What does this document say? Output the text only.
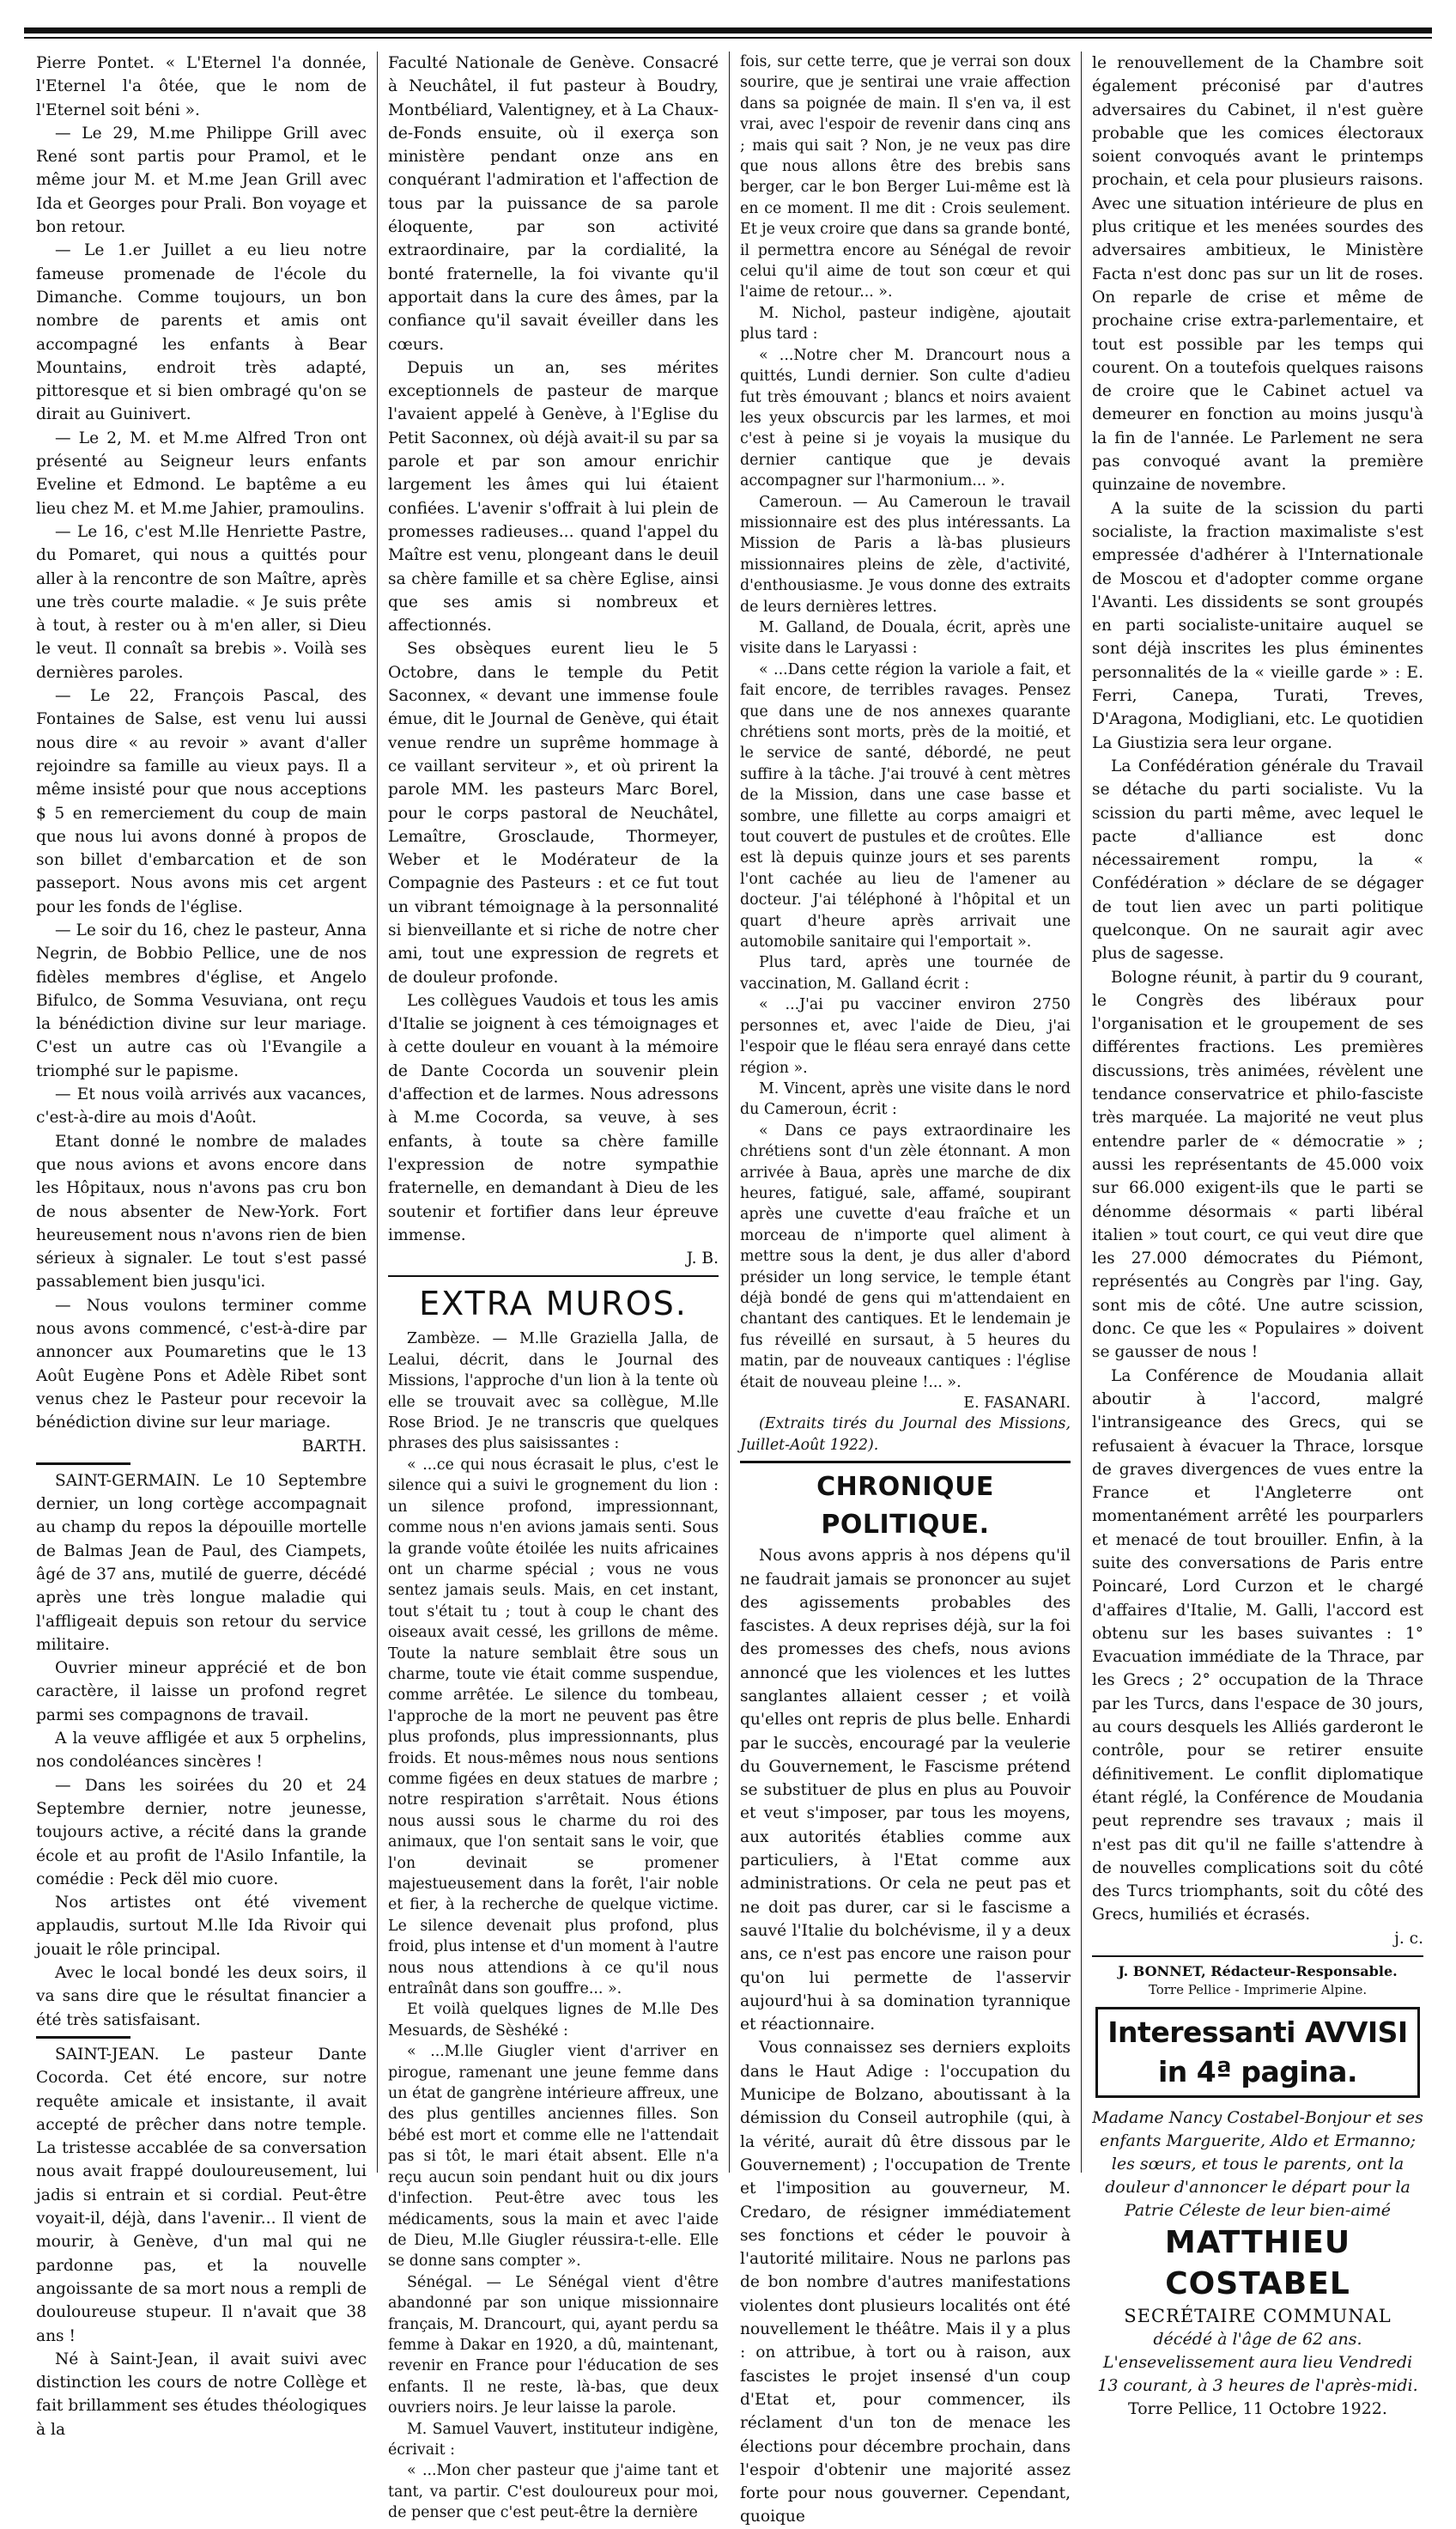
Pierre Pontet. « L'Eternel l'a donnée, l'Eternel l'a ôtée, que le nom de l'Eternel soit béni ».

— Le 29, M.me Philippe Grill avec René sont partis pour Pramol, et le même jour M. et M.me Jean Grill avec Ida et Georges pour Prali. Bon voyage et bon retour.

— Le 1.er Juillet a eu lieu notre fameuse promenade de l'école du Dimanche. Comme toujours, un bon nombre de parents et amis ont accompagné les enfants à Bear Mountains, endroit très adapté, pittoresque et si bien ombragé qu'on se dirait au Guinivert.

— Le 2, M. et M.me Alfred Tron ont présenté au Seigneur leurs enfants Eveline et Edmond. Le baptême a eu lieu chez M. et M.me Jahier, pramoulins.

— Le 16, c'est M.lle Henriette Pastre, du Pomaret, qui nous a quittés pour aller à la rencontre de son Maître, après une très courte maladie. « Je suis prête à tout, à rester ou à m'en aller, si Dieu le veut. Il connaît sa brebis ». Voilà ses dernières paroles.

— Le 22, François Pascal, des Fontaines de Salse, est venu lui aussi nous dire « au revoir » avant d'aller rejoindre sa famille au vieux pays. Il a même insisté pour que nous acceptions $ 5 en remerciement du coup de main que nous lui avons donné à propos de son billet d'embarcation et de son passeport. Nous avons mis cet argent pour les fonds de l'église.

— Le soir du 16, chez le pasteur, Anna Negrin, de Bobbio Pellice, une de nos fidèles membres d'église, et Angelo Bifulco, de Somma Vesuviana, ont reçu la bénédiction divine sur leur mariage. C'est un autre cas où l'Evangile a triomphé sur le papisme.

— Et nous voilà arrivés aux vacances, c'est-à-dire au mois d'Août.

Etant donné le nombre de malades que nous avions et avons encore dans les Hôpitaux, nous n'avons pas cru bon de nous absenter de New-York. Fort heureusement nous n'avons rien de bien sérieux à signaler. Le tout s'est passé passablement bien jusqu'ici.

— Nous voulons terminer comme nous avons commencé, c'est-à-dire par annoncer aux Poumaretins que le 13 Août Eugène Pons et Adèle Ribet sont venus chez le Pasteur pour recevoir la bénédiction divine sur leur mariage.

BARTH.

SAINT-GERMAIN. Le 10 Septembre dernier, un long cortège accompagnait au champ du repos la dépouille mortelle de Balmas Jean de Paul, des Ciampets, âgé de 37 ans, mutilé de guerre, décédé après une très longue maladie qui l'affligeait depuis son retour du service militaire.

Ouvrier mineur apprécié et de bon caractère, il laisse un profond regret parmi ses compagnons de travail.

A la veuve affligée et aux 5 orphelins, nos condoléances sincères !

— Dans les soirées du 20 et 24 Septembre dernier, notre jeunesse, toujours active, a récité dans la grande école et au profit de l'Asilo Infantile, la comédie : Peck dël mio cuore.

Nos artistes ont été vivement applaudis, surtout M.lle Ida Rivoir qui jouait le rôle principal.

Avec le local bondé les deux soirs, il va sans dire que le résultat financier a été très satisfaisant.

SAINT-JEAN. Le pasteur Dante Cocorda. Cet été encore, sur notre requête amicale et insistante, il avait accepté de prêcher dans notre temple. La tristesse accablée de sa conversation nous avait frappé douloureusement, lui jadis si entrain et si cordial. Peut-être voyait-il, déjà, dans l'avenir... Il vient de mourir, à Genève, d'un mal qui ne pardonne pas, et la nouvelle angoissante de sa mort nous a rempli de douloureuse stupeur. Il n'avait que 38 ans !

Né à Saint-Jean, il avait suivi avec distinction les cours de notre Collège et fait brillamment ses études théologiques à la

Faculté Nationale de Genève. Consacré à Neuchâtel, il fut pasteur à Boudry, Montbéliard, Valentigney, et à La Chaux-de-Fonds ensuite, où il exerça son ministère pendant onze ans en conquérant l'admiration et l'affection de tous par la puissance de sa parole éloquente, par son activité extraordinaire, par la cordialité, la bonté fraternelle, la foi vivante qu'il apportait dans la cure des âmes, par la confiance qu'il savait éveiller dans les cœurs.

Depuis un an, ses mérites exceptionnels de pasteur de marque l'avaient appelé à Genève, à l'Eglise du Petit Saconnex, où déjà avait-il su par sa parole et par son amour enrichir largement les âmes qui lui étaient confiées. L'avenir s'offrait à lui plein de promesses radieuses... quand l'appel du Maître est venu, plongeant dans le deuil sa chère famille et sa chère Eglise, ainsi que ses amis si nombreux et affectionnés.

Ses obsèques eurent lieu le 5 Octobre, dans le temple du Petit Saconnex, « devant une immense foule émue, dit le Journal de Genève, qui était venue rendre un suprême hommage à ce vaillant serviteur », et où prirent la parole MM. les pasteurs Marc Borel, pour le corps pastoral de Neuchâtel, Lemaître, Grosclaude, Thormeyer, Weber et le Modérateur de la Compagnie des Pasteurs : et ce fut tout un vibrant témoignage à la personnalité si bienveillante et si riche de notre cher ami, tout une expression de regrets et de douleur profonde.

Les collègues Vaudois et tous les amis d'Italie se joignent à ces témoignages et à cette douleur en vouant à la mémoire de Dante Cocorda un souvenir plein d'affection et de larmes. Nous adressons à M.me Cocorda, sa veuve, à ses enfants, à toute sa chère famille l'expression de notre sympathie fraternelle, en demandant à Dieu de les soutenir et fortifier dans leur épreuve immense.

J. B.

EXTRA MUROS.

Zambèze. — M.lle Graziella Jalla, de Lealui, décrit, dans le Journal des Missions, l'approche d'un lion à la tente où elle se trouvait avec sa collègue, M.lle Rose Briod. Je ne transcris que quelques phrases des plus saisissantes :

« ...ce qui nous écrasait le plus, c'est le silence qui a suivi le grognement du lion : un silence profond, impressionnant, comme nous n'en avions jamais senti. Sous la grande voûte étoilée les nuits africaines ont un charme spécial ; vous ne vous sentez jamais seuls. Mais, en cet instant, tout s'était tu ; tout à coup le chant des oiseaux avait cessé, les grillons de même. Toute la nature semblait être sous un charme, toute vie était comme suspendue, comme arrêtée. Le silence du tombeau, l'approche de la mort ne peuvent pas être plus profonds, plus impressionnants, plus froids. Et nous-mêmes nous nous sentions comme figées en deux statues de marbre ; notre respiration s'arrêtait. Nous étions nous aussi sous le charme du roi des animaux, que l'on sentait sans le voir, que l'on devinait se promener majestueusement dans la forêt, l'air noble et fier, à la recherche de quelque victime. Le silence devenait plus profond, plus froid, plus intense et d'un moment à l'autre nous nous attendions à ce qu'il nous entraînât dans son gouffre... ».

Et voilà quelques lignes de M.lle Des Mesuards, de Sèshéké :

« ...M.lle Giugler vient d'arriver en pirogue, ramenant une jeune femme dans un état de gangrène intérieure affreux, une des plus gentilles anciennes filles. Son bébé est mort et comme elle ne l'attendait pas si tôt, le mari était absent. Elle n'a reçu aucun soin pendant huit ou dix jours d'infection. Peut-être avec tous les médicaments, sous la main et avec l'aide de Dieu, M.lle Giugler réussira-t-elle. Elle se donne sans compter ».

Sénégal. — Le Sénégal vient d'être abandonné par son unique missionnaire français, M. Drancourt, qui, ayant perdu sa femme à Dakar en 1920, a dû, maintenant, revenir en France pour l'éducation de ses enfants. Il ne reste, là-bas, que deux ouvriers noirs. Je leur laisse la parole.

M. Samuel Vauvert, instituteur indigène, écrivait :

« ...Mon cher pasteur que j'aime tant et tant, va partir. C'est douloureux pour moi, de penser que c'est peut-être la dernière

fois, sur cette terre, que je verrai son doux sourire, que je sentirai une vraie affection dans sa poignée de main. Il s'en va, il est vrai, avec l'espoir de revenir dans cinq ans ; mais qui sait ? Non, je ne veux pas dire que nous allons être des brebis sans berger, car le bon Berger Lui-même est là en ce moment. Il me dit : Crois seulement. Et je veux croire que dans sa grande bonté, il permettra encore au Sénégal de revoir celui qu'il aime de tout son cœur et qui l'aime de retour... ».

M. Nichol, pasteur indigène, ajoutait plus tard :

« ...Notre cher M. Drancourt nous a quittés, Lundi dernier. Son culte d'adieu fut très émouvant ; blancs et noirs avaient les yeux obscurcis par les larmes, et moi c'est à peine si je voyais la musique du dernier cantique que je devais accompagner sur l'harmonium... ».

Cameroun. — Au Cameroun le travail missionnaire est des plus intéressants. La Mission de Paris a là-bas plusieurs missionnaires pleins de zèle, d'activité, d'enthousiasme. Je vous donne des extraits de leurs dernières lettres.

M. Galland, de Douala, écrit, après une visite dans le Laryassi :

« ...Dans cette région la variole a fait, et fait encore, de terribles ravages. Pensez que dans une de nos annexes quarante chrétiens sont morts, près de la moitié, et le service de santé, débordé, ne peut suffire à la tâche. J'ai trouvé à cent mètres de la Mission, dans une case basse et sombre, une fillette au corps amaigri et tout couvert de pustules et de croûtes. Elle est là depuis quinze jours et ses parents l'ont cachée au lieu de l'amener au docteur. J'ai téléphoné à l'hôpital et un quart d'heure après arrivait une automobile sanitaire qui l'emportait ».

Plus tard, après une tournée de vaccination, M. Galland écrit :

« ...J'ai pu vacciner environ 2750 personnes et, avec l'aide de Dieu, j'ai l'espoir que le fléau sera enrayé dans cette région ».

M. Vincent, après une visite dans le nord du Cameroun, écrit :

« Dans ce pays extraordinaire les chrétiens sont d'un zèle étonnant. A mon arrivée à Baua, après une marche de dix heures, fatigué, sale, affamé, soupirant après une cuvette d'eau fraîche et un morceau de n'importe quel aliment à mettre sous la dent, je dus aller d'abord présider un long service, le temple étant déjà bondé de gens qui m'attendaient en chantant des cantiques. Et le lendemain je fus réveillé en sursaut, à 5 heures du matin, par de nouveaux cantiques : l'église était de nouveau pleine !... ».

E. FASANARI.

(Extraits tirés du Journal des Missions, Juillet-Août 1922).

CHRONIQUE POLITIQUE.

Nous avons appris à nos dépens qu'il ne faudrait jamais se prononcer au sujet des agissements probables des fascistes. A deux reprises déjà, sur la foi des promesses des chefs, nous avions annoncé que les violences et les luttes sanglantes allaient cesser ; et voilà qu'elles ont repris de plus belle. Enhardi par le succès, encouragé par la veulerie du Gouvernement, le Fascisme prétend se substituer de plus en plus au Pouvoir et veut s'imposer, par tous les moyens, aux autorités établies comme aux particuliers, à l'Etat comme aux administrations. Or cela ne peut pas et ne doit pas durer, car si le fascisme a sauvé l'Italie du bolchévisme, il y a deux ans, ce n'est pas encore une raison pour qu'on lui permette de l'asservir aujourd'hui à sa domination tyrannique et réactionnaire.

Vous connaissez ses derniers exploits dans le Haut Adige : l'occupation du Municipe de Bolzano, aboutissant à la démission du Conseil autrophile (qui, à la vérité, aurait dû être dissous par le Gouvernement) ; l'occupation de Trente et l'imposition au gouverneur, M. Credaro, de résigner immédiatement ses fonctions et céder le pouvoir à l'autorité militaire. Nous ne parlons pas de bon nombre d'autres manifestations violentes dont plusieurs localités ont été nouvellement le théâtre. Mais il y a plus : on attribue, à tort ou à raison, aux fascistes le projet insensé d'un coup d'Etat et, pour commencer, ils réclament d'un ton de menace les élections pour décembre prochain, dans l'espoir d'obtenir une majorité assez forte pour nous gouverner. Cependant, quoique

le renouvellement de la Chambre soit également préconisé par d'autres adversaires du Cabinet, il n'est guère probable que les comices électoraux soient convoqués avant le printemps prochain, et cela pour plusieurs raisons. Avec une situation intérieure de plus en plus critique et les menées sourdes des adversaires ambitieux, le Ministère Facta n'est donc pas sur un lit de roses. On reparle de crise et même de prochaine crise extra-parlementaire, et tout est possible par les temps qui courent. On a toutefois quelques raisons de croire que le Cabinet actuel va demeurer en fonction au moins jusqu'à la fin de l'année. Le Parlement ne sera pas convoqué avant la première quinzaine de novembre.

A la suite de la scission du parti socialiste, la fraction maximaliste s'est empressée d'adhérer à l'Internationale de Moscou et d'adopter comme organe l'Avanti. Les dissidents se sont groupés en parti socialiste-unitaire auquel se sont déjà inscrites les plus éminentes personnalités de la « vieille garde » : E. Ferri, Canepa, Turati, Treves, D'Aragona, Modigliani, etc. Le quotidien La Giustizia sera leur organe.

La Confédération générale du Travail se détache du parti socialiste. Vu la scission du parti même, avec lequel le pacte d'alliance est donc nécessairement rompu, la « Confédération » déclare de se dégager de tout lien avec un parti politique quelconque. On ne saurait agir avec plus de sagesse.

Bologne réunit, à partir du 9 courant, le Congrès des libéraux pour l'organisation et le groupement de ses différentes fractions. Les premières discussions, très animées, révèlent une tendance conservatrice et philo-fasciste très marquée. La majorité ne veut plus entendre parler de « démocratie » ; aussi les représentants de 45.000 voix sur 66.000 exigent-ils que le parti se dénomme désormais « parti libéral italien » tout court, ce qui veut dire que les 27.000 démocrates du Piémont, représentés au Congrès par l'ing. Gay, sont mis de côté. Une autre scission, donc. Ce que les « Populaires » doivent se gausser de nous !

La Conférence de Moudania allait aboutir à l'accord, malgré l'intransigeance des Grecs, qui se refusaient à évacuer la Thrace, lorsque de graves divergences de vues entre la France et l'Angleterre ont momentanément arrêté les pourparlers et menacé de tout brouiller. Enfin, à la suite des conversations de Paris entre Poincaré, Lord Curzon et le chargé d'affaires d'Italie, M. Galli, l'accord est obtenu sur les bases suivantes : 1° Evacuation immédiate de la Thrace, par les Grecs ; 2° occupation de la Thrace par les Turcs, dans l'espace de 30 jours, au cours desquels les Alliés garderont le contrôle, pour se retirer ensuite définitivement. Le conflit diplomatique étant réglé, la Conférence de Moudania peut reprendre ses travaux ; mais il n'est pas dit qu'il ne faille s'attendre à de nouvelles complications soit du côté des Turcs triomphants, soit du côté des Grecs, humiliés et écrasés.

j. c.

J. BONNET, Rédacteur-Responsable.
Torre Pellice - Imprimerie Alpine.
Interessanti AVVISI in 4ª pagina.
Madame Nancy Costabel-Bonjour et ses enfants Marguerite, Aldo et Ermanno; les sœurs, et tous le parents, ont la douleur d'annoncer le départ pour la Patrie Céleste de leur bien-aimé
MATTHIEU COSTABEL
SECRÉTAIRE COMMUNAL
décédé à l'âge de 62 ans.
L'ensevelissement aura lieu Vendredi 13 courant, à 3 heures de l'après-midi.
Torre Pellice, 11 Octobre 1922.
